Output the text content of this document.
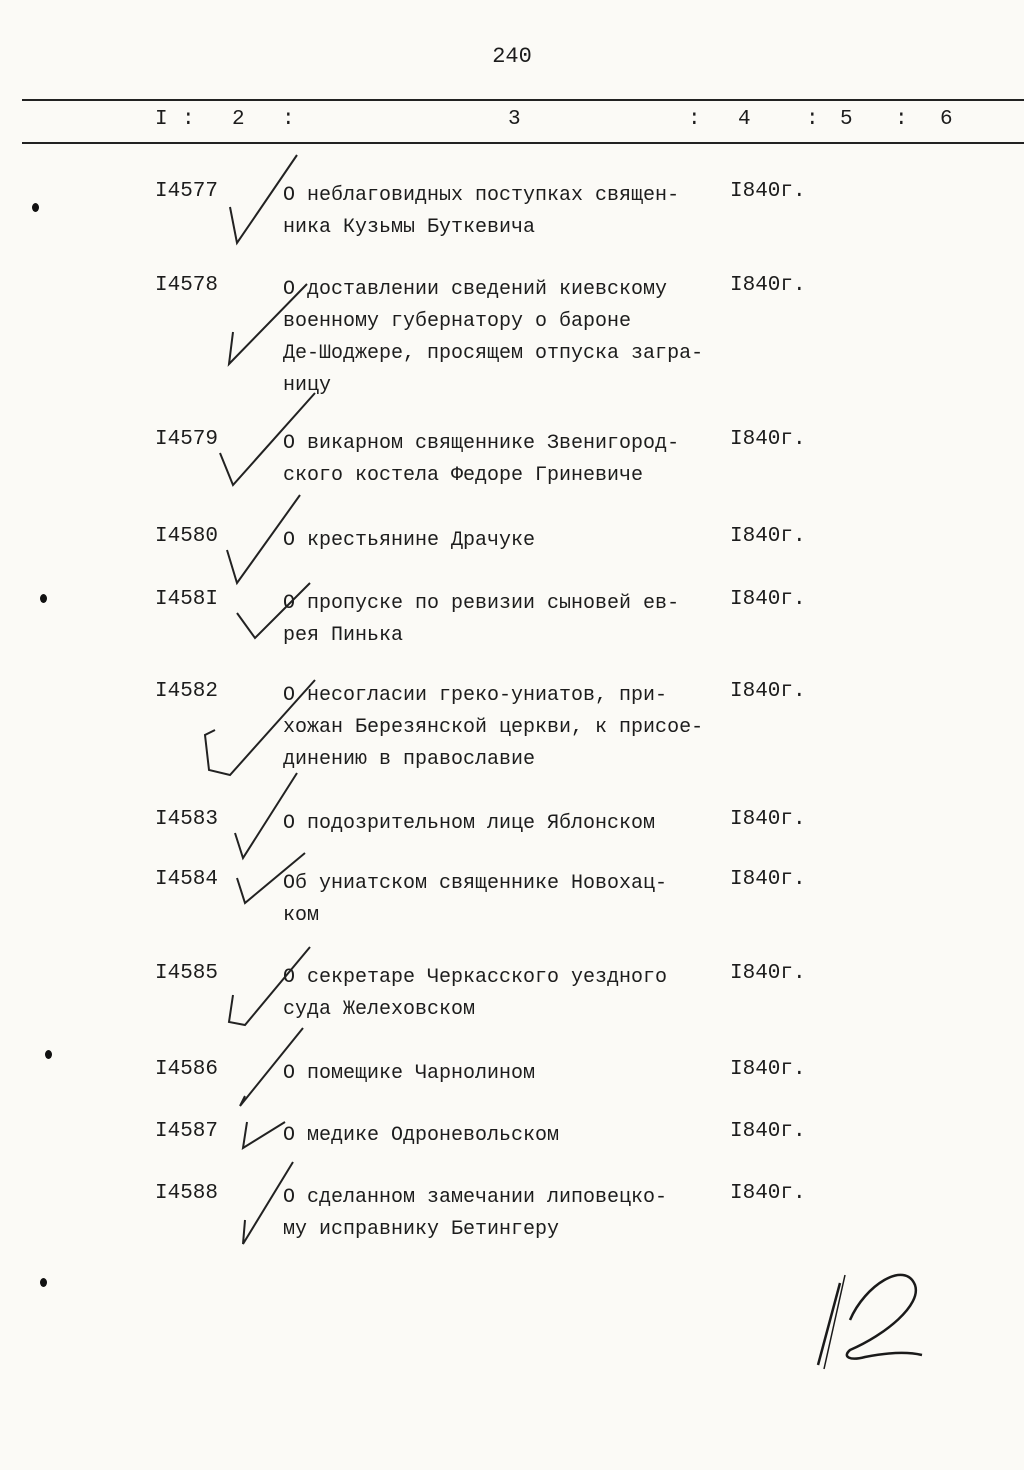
240
I : 2 :	3	: 4	: 5 : 6
I4577	О неблаговидных поступках священ-
ника Кузьмы Буткевича
I840г.
I4578	О доставлении сведений киевскому
военному губернатору о бароне
Де-Шоджере, просящем отпуска загра-
ницу
I840г.
I4579	О викарном священнике Звенигород-
ского костела Федоре Гриневиче
I840г.
I4580	О крестьянине Драчуке	I840г.
I458I	О пропуске по ревизии сыновей ев-
рея Пинька
I840г.
I4582	О несогласии греко-униатов, при-
хожан Березянской церкви, к присое-
динению в православие
I840г.
I4583	О подозрительном лице Яблонском	I840г.
I4584	Об униатском священнике Новохац-
ком
I840г.
I4585	О секретаре Черкасского уездного
суда Желеховском
I840г.
I4586	О помещике Чарнолином	I840г.
I4587	О медике Одроневольском	I840г.
I4588	О сделанном замечании липовецко-
му исправнику Бетингеру
I840г.
